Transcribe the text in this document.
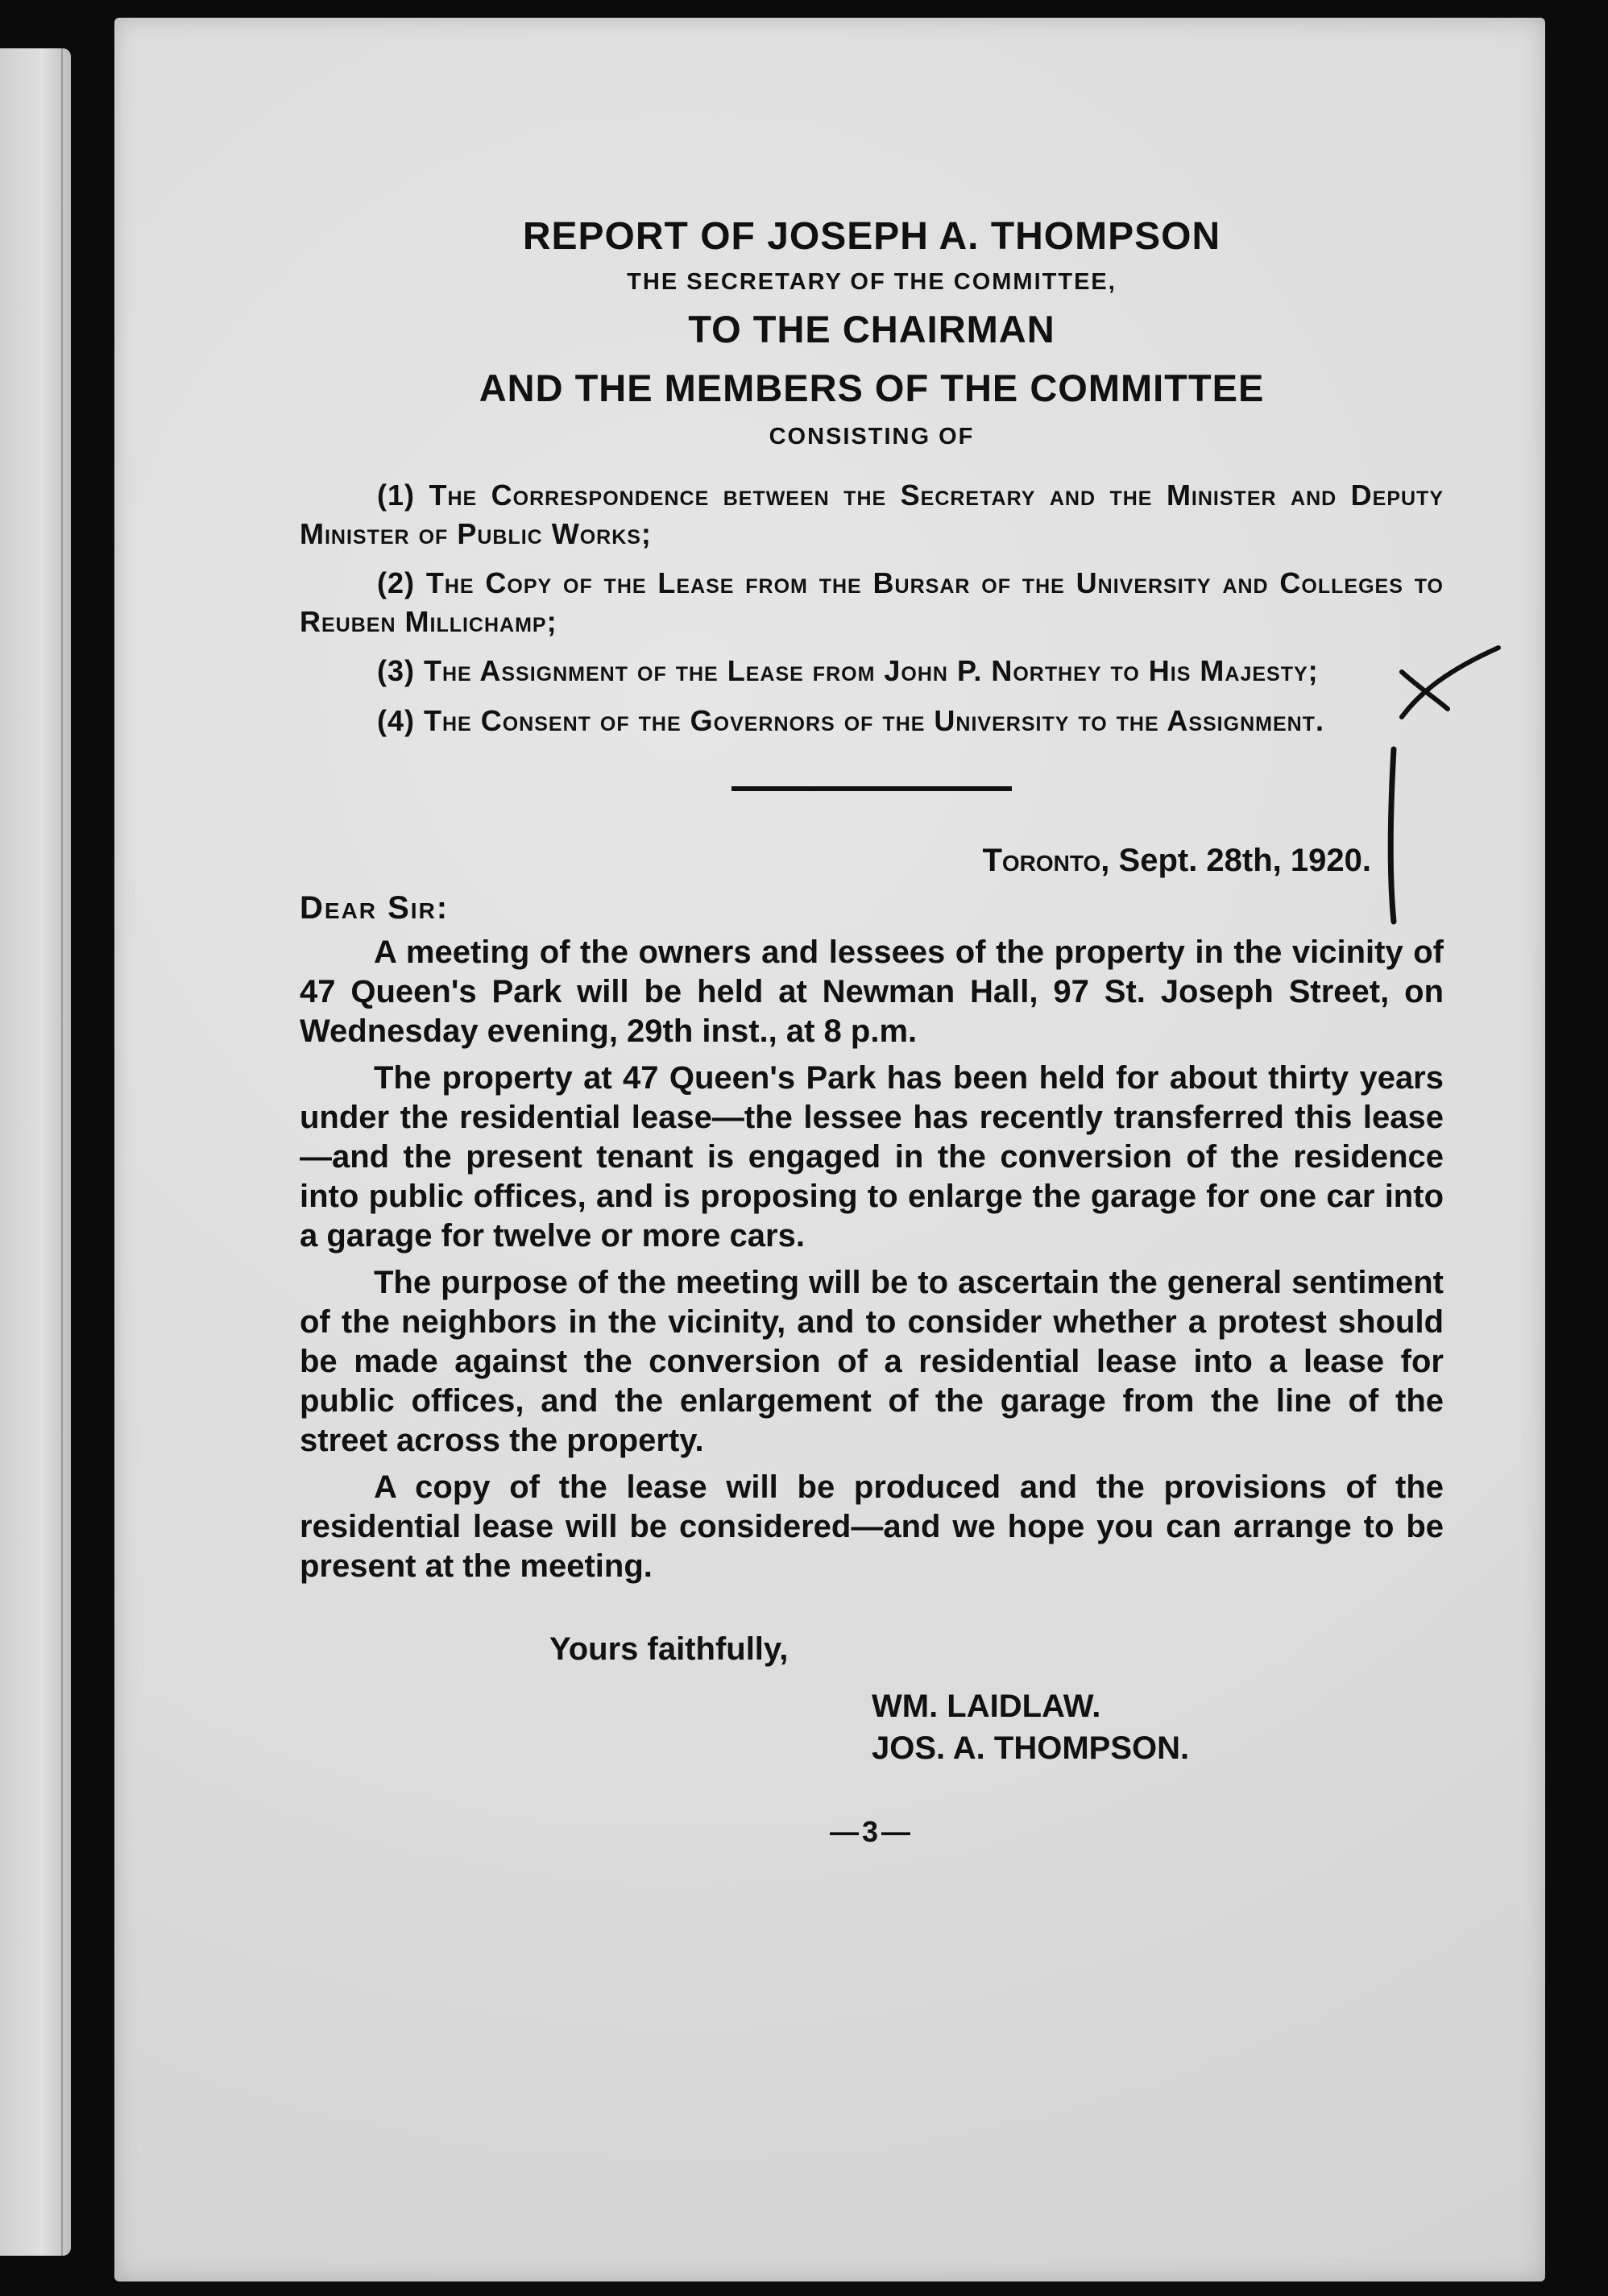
REPORT OF JOSEPH A. THOMPSON

THE SECRETARY OF THE COMMITTEE,

TO THE CHAIRMAN

AND THE MEMBERS OF THE COMMITTEE

CONSISTING OF

(1) The Correspondence between the Secretary and the Minister and Deputy Minister of Public Works;

(2) The Copy of the Lease from the Bursar of the University and Colleges to Reuben Millichamp;

(3) The Assignment of the Lease from John P. Northey to His Majesty;

(4) The Consent of the Governors of the University to the Assignment.

Toronto, Sept. 28th, 1920.

Dear Sir:

A meeting of the owners and lessees of the property in the vicinity of 47 Queen's Park will be held at Newman Hall, 97 St. Joseph Street, on Wednesday evening, 29th inst., at 8 p.m.

The property at 47 Queen's Park has been held for about thirty years under the residential lease—the lessee has recently transferred this lease—and the present tenant is engaged in the conversion of the residence into public offices, and is proposing to enlarge the garage for one car into a garage for twelve or more cars.

The purpose of the meeting will be to ascertain the general sentiment of the neighbors in the vicinity, and to consider whether a protest should be made against the conversion of a residential lease into a lease for public offices, and the enlargement of the garage from the line of the street across the property.

A copy of the lease will be produced and the provisions of the residential lease will be considered—and we hope you can arrange to be present at the meeting.

Yours faithfully,

WM. LAIDLAW.

JOS. A. THOMPSON.

—3—
